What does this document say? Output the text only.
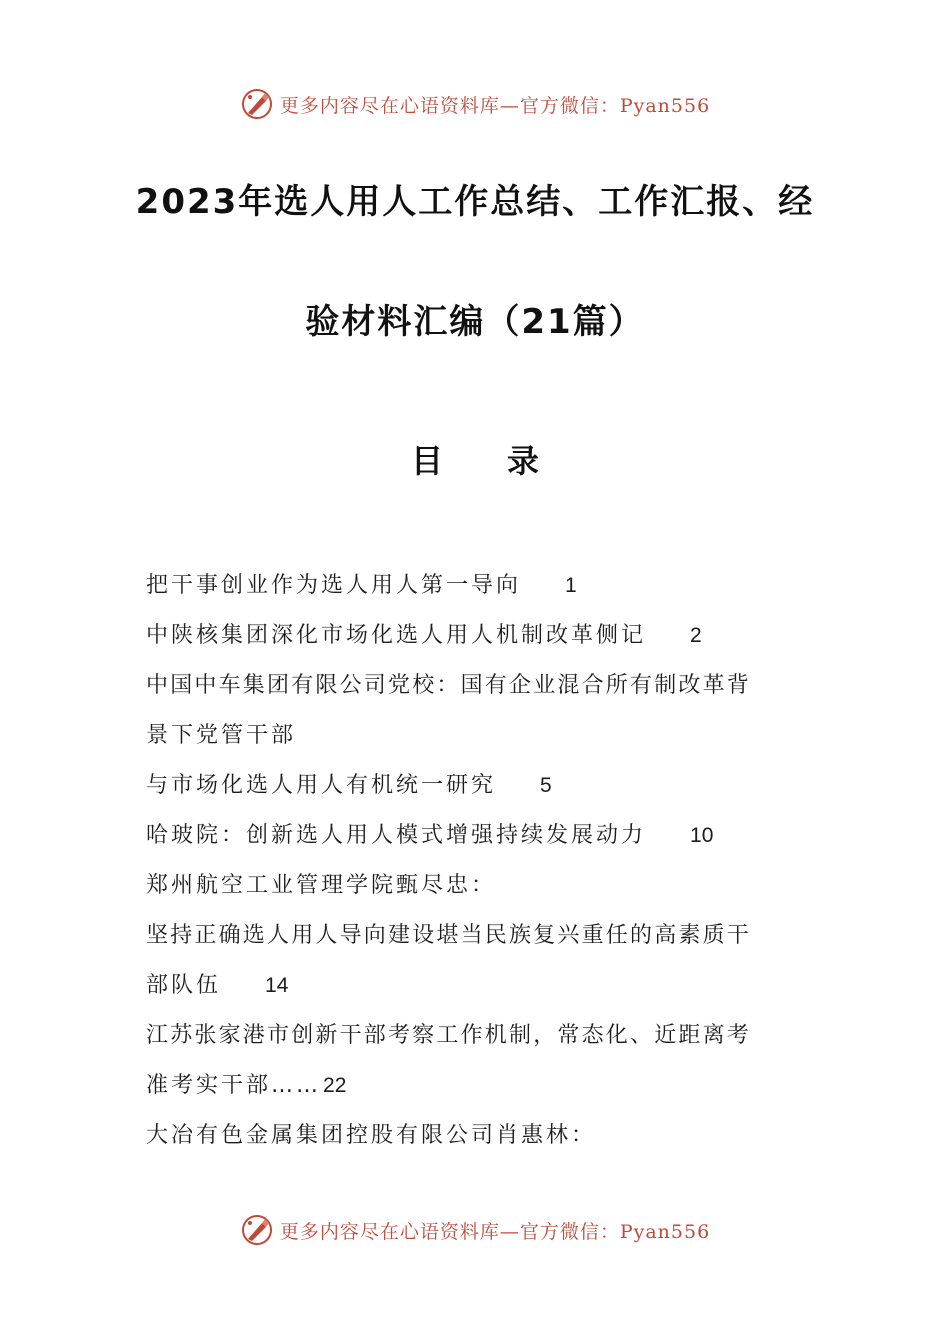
更多内容尽在心语资料库—官方微信：Pyan556
2023年选人用人工作总结、工作汇报、经
验材料汇编（21篇）
目录
把干事创业作为选人用人第一导向 1
中陕核集团深化市场化选人用人机制改革侧记 2
中国中车集团有限公司党校：国有企业混合所有制改革背
景下党管干部
与市场化选人用人有机统一研究 5
哈玻院：创新选人用人模式增强持续发展动力 10
郑州航空工业管理学院甄尽忠：
坚持正确选人用人导向建设堪当民族复兴重任的高素质干
部队伍 14
江苏张家港市创新干部考察工作机制，常态化、近距离考
准考实干部……22
大冶有色金属集团控股有限公司肖惠林：
更多内容尽在心语资料库—官方微信：Pyan556
